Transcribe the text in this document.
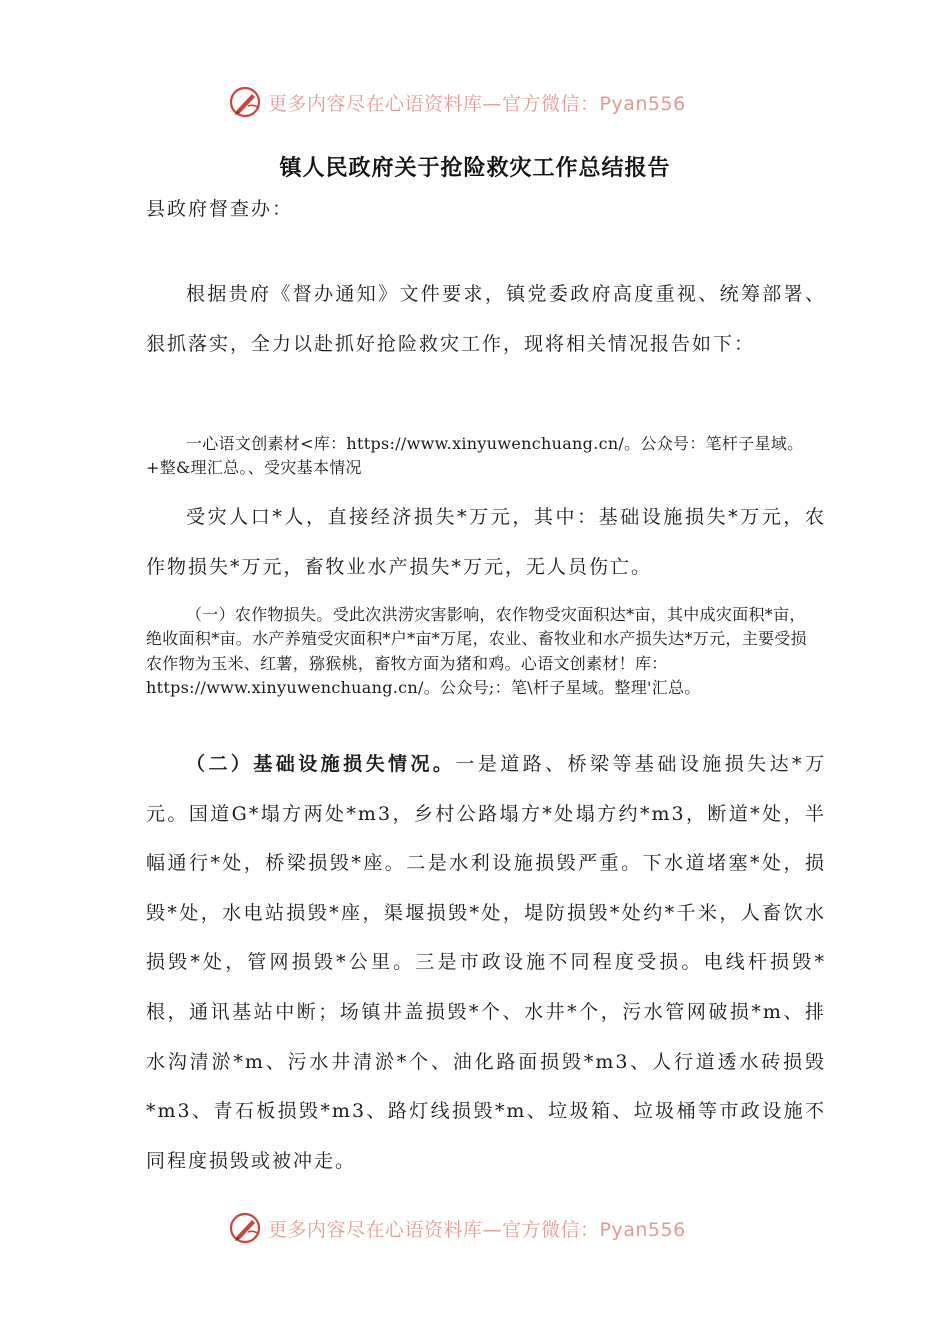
更多内容尽在心语资料库—官方微信：Pyan556
镇人民政府关于抢险救灾工作总结报告

县政府督查办：

根据贵府《督办通知》文件要求，镇党委政府高度重视、统筹部署、狠抓落实，全力以赴抓好抢险救灾工作，现将相关情况报告如下：

一心语文创素材<库：https://www.xinyuwenchuang.cn/。公众号：笔杆子星域。+整&理汇总。、受灾基本情况

受灾人口*人，直接经济损失*万元，其中：基础设施损失*万元，农作物损失*万元，畜牧业水产损失*万元，无人员伤亡。

（一）农作物损失。受此次洪涝灾害影响，农作物受灾面积达*亩，其中成灾面积*亩，绝收面积*亩。水产养殖受灾面积*户*亩*万尾，农业、畜牧业和水产损失达*万元，主要受损农作物为玉米、红薯，猕猴桃，畜牧方面为猪和鸡。心语文创素材！库：https://www.xinyuwenchuang.cn/。公众号;：笔\杆子星域。整理'汇总。

（二）基础设施损失情况。一是道路、桥梁等基础设施损失达*万元。国道G*塌方两处*m3，乡村公路塌方*处塌方约*m3，断道*处，半幅通行*处，桥梁损毁*座。二是水利设施损毁严重。下水道堵塞*处，损毁*处，水电站损毁*座，渠堰损毁*处，堤防损毁*处约*千米，人畜饮水损毁*处，管网损毁*公里。三是市政设施不同程度受损。电线杆损毁*根，通讯基站中断；场镇井盖损毁*个、水井*个，污水管网破损*m、排水沟清淤*m、污水井清淤*个、油化路面损毁*m3、人行道透水砖损毁*m3、青石板损毁*m3、路灯线损毁*m、垃圾箱、垃圾桶等市政设施不同程度损毁或被冲走。

更多内容尽在心语资料库—官方微信：Pyan556
